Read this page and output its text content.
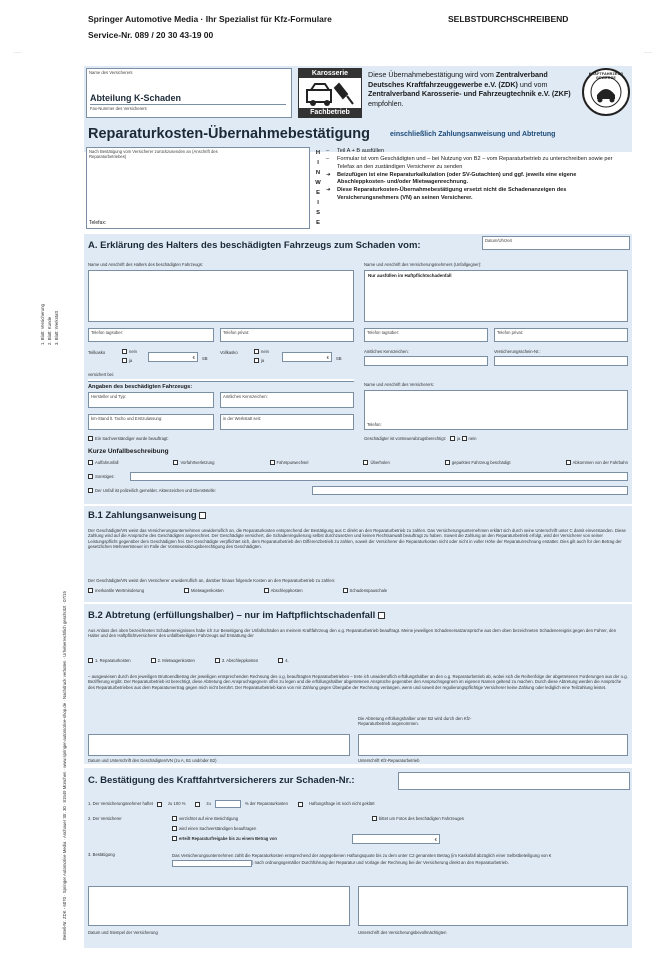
Springer Automotive Media · Ihr Spezialist für Kfz-Formulare
Service-Nr. 089 / 20 30 43-19 00
SELBSTDURCHSCHREIBEND
····	····
1. Blatt: Versicherung 2. Blatt: Kunde 3. Blatt: Werkstatt
Bestell-Nr. ZDK - 6070 · Springer Automotive Media · Aschauer Str. 30 · 81549 München · www.springer-automotive-shop.de · Nachdruck verboten · Urheberrechtlich geschützt · 07/15
Name des Versicherers
Abteilung K-Schaden
Fax-Nummer des Versicherers
Karosserie
Fachbetrieb
Diese Übernahmebestätigung wird vom Zentralverband Deutsches Kraftfahrzeuggewerbe e.V. (ZDK) und vom Zentralverband Karosserie- und Fahrzeugtechnik e.V. (ZKF) empfohlen.
KRAFTFAHRZEUG GEWERBE
Reparaturkosten-Übernahmebestätigung	einschließlich Zahlungsanweisung und Abtretung
Nach Bestätigung vom Versicherer zurückzusenden an (Anschrift des Reparaturbetriebes)
Telefax:
H
I
N
W
E
I
S
E
–	Teil A + B ausfüllen
–	Formular ist vom Geschädigten und – bei Nutzung von B2 – vom Reparaturbetrieb zu unterschreiben sowie per Telefax an den zuständigen Versicherer zu senden
➜	Beizufügen ist eine Reparaturkalkulation (oder SV-Gutachten) und ggf. jeweils eine eigene Abschleppkosten- und/oder Mietwagenrechnung.
➜	Diese Reparaturkosten-Übernahmebestätigung ersetzt nicht die Schadenanzeigen des Versicherungsnehmers (VN) an seinen Versicherer.
A. Erklärung des Halters des beschädigten Fahrzeugs zum Schaden vom:	Datum/Uhrzeit
Name und Anschrift des Halters des beschädigten Fahrzeugs:	Name und Anschrift des Versicherungsnehmers (Unfallgegner):
Nur ausfüllen im Haftpflichtschadenfall
Telefon tagsüber:	Telefon privat:	Telefon tagsüber:	Telefon privat:
Teilkasko	nein
ja
€ SB
Vollkasko	nein
ja
€ SB
Amtliches Kennzeichen:	Versicherungsschein-Nr.:
versichert bei:
Angaben des beschädigten Fahrzeugs:
Hersteller und Typ:	Amtliches Kennzeichen:
km-Stand lt. Tacho und Erstzulassung:	in der Werkstatt seit:
Name und Anschrift des Versicherers:
Telefon:
Ein Sachverständiger wurde beauftragt:	Geschädigter ist vorsteuerabzugsberechtigt:	ja nein
Kurze Unfallbeschreibung
Auffahrunfall	Vorfahrtverletzung	Fahrspurwechsel	Überholen	geparktes Fahrzeug beschädigt	Abkommen von der Fahrbahn
Sonstiges:
Der Unfall ist polizeilich gemeldet. Aktenzeichen und Dienststelle:
B.1 Zahlungsanweisung
Der Geschädigte/VN weist das Versicherungsunternehmen unwiderruflich an, die Reparaturkosten entsprechend der Bestätigung aus C direkt an den Reparaturbetrieb zu zahlen. Das Versicherungsunternehmen erklärt sich durch seine Unterschrift unter C damit einverstanden. Diese Zahlung wird auf die Ansprüche des Geschädigten angerechnet. Der Geschädigte versichert, die Schadenregulierung selbst durchzusetzen und keinen Rechtsanwalt beauftragt zu haben. Soweit die Zahlung an den Reparaturbetrieb erfolgt, wird der Versicherer von seiner Leistungspflicht gegenüber dem Geschädigten frei. Der Geschädigte verpflichtet sich, dem Reparaturbetrieb den Differenzbetrieb zu zahlen, soweit der Versicherer die Reparaturkosten nicht oder nicht in voller Höhe der Reparaturrechnung erstattet. Dies gilt auch für den Betrag der gesetzlichen Mehrwertsteuer im Falle der Vorsteuerabzugsberechtigung des Geschädigten.
Der Geschädigte/VN weist den Versicherer unwiderruflich an, darüber hinaus folgende Kosten an den Reparaturbetrieb zu zahlen:
merkantile Wertminderung	Mietwagenkosten	Abschleppkosten	Schadenspauschale
B.2 Abtretung (erfüllungshalber) – nur im Haftpflichtschadenfall
Aus Anlass des oben bezeichneten Schadenereignisses habe ich zur Beseitigung der Unfallschäden an meinem Kraftfahrzeug den o.g. Reparaturbetrieb beauftragt. Meine jeweiligen Schadenersatzansprüche aus dem oben bezeichneten Schadenereignis gegen den Fahrer, den Halter und den Haftpflichtversicherer des unfallbeteiligten Fahrzeugs auf Erstattung der
1. Reparaturkosten	2. Mietwagenkosten	3. Abschleppkosten	4.
– ausgewiesen durch den jeweiligen Bruttoendbetrag der jeweiligen entsprechenden Rechnung des o.g. beauftragten Reparaturbetriebes – trete ich unwiderruflich erfüllungshalber an den o.g. Reparaturbetrieb ab, wobei sich die Reihenfolge der abgetretenen Forderungen aus der o.g. Bezifferung ergibt. Der Reparaturbetrieb ist berechtigt, diese Abtretung den Anspruchsgegnern offen zu legen und die erfüllungshalber abgetretenen Ansprüche gegenüber den Anspruchsgegnern im eigenen Namen geltend zu machen. Durch diese Abtretung werden die Ansprüche des Reparaturbetriebes aus dem Reparaturvertrag gegen mich nicht berührt. Der Reparaturbetrieb kann von mir Zahlung gegen Übergabe der Rechnung verlangen, wenn und soweit der regulierungspflichtige Versicherer keine Zahlung oder lediglich eine Teilzahlung leistet.
Die Abtretung erfüllungshalber unter B2 wird durch den Kfz-Reparaturbetrieb angenommen.
Datum und Unterschrift des Geschädigten/VN (zu A, B1 und/oder B2)	Unterschrift Kfz-Reparaturbetrieb
C. Bestätigung des Kraftfahrtversicherers zur Schaden-Nr.:
1. Der Versicherungsnehmer haftet	zu 100 %	zu	% der Reparaturkosten	Haftungsfrage ist noch nicht geklärt
2. Der Versicherer	verzichtet auf eine Besichtigung	bittet um Fotos des beschädigten Fahrzeuges
wird einen Sachverständigen beauftragen
erteilt Reparaturfreigabe bis zu einem Betrag von	€
3. Bestätigung	Das Versicherungsunternehmen zahlt die Reparaturkosten entsprechend der angegebenen Haftungsquote bis zu dem unter C2 genannten Betrag (im Kaskofall abzüglich einer Selbstbeteiligung von €) nach ordnungsgemäßer Durchführung der Reparatur und Vorlage der Rechnung bei der Versicherung direkt an den Reparaturbetrieb.
Datum und Stempel der Versicherung	Unterschrift des Versicherungsbevollmächtigten
